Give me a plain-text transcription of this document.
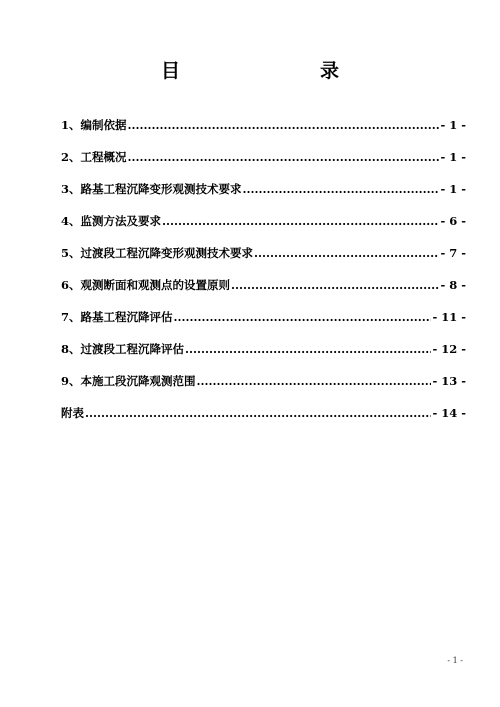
目　　录
1、编制依据 .....	- 1 -
2、工程概况 .....	- 1 -
3、路基工程沉降变形观测技术要求 .....	- 1 -
4、监测方法及要求 .....	- 6 -
5、过渡段工程沉降变形观测技术要求 .....	- 7 -
6、观测断面和观测点的设置原则 .....	- 8 -
7、路基工程沉降评估 .....	- 11 -
8、过渡段工程沉降评估 .....	- 12 -
9、本施工段沉降观测范围 .....	- 13 -
附表 .....	- 14 -
- 1 -
